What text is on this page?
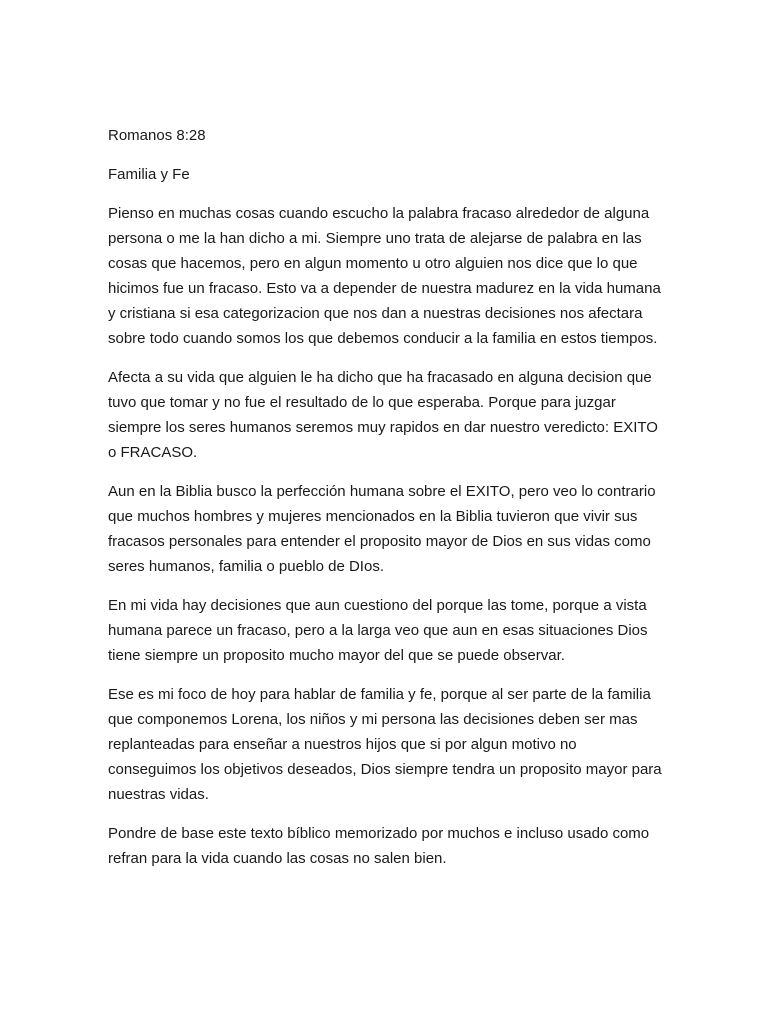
Romanos 8:28

Familia y Fe

Pienso en muchas cosas cuando escucho la palabra fracaso alrededor de alguna persona o me la han dicho a mi. Siempre uno trata de alejarse de palabra en las cosas que hacemos, pero en algun momento u otro alguien nos dice que lo que hicimos fue un fracaso. Esto va a depender de nuestra madurez en la vida humana y cristiana si esa categorizacion que nos dan a nuestras decisiones nos afectara sobre todo cuando somos los que debemos conducir a la familia en estos tiempos.

Afecta a su vida que alguien le ha dicho que ha fracasado en alguna decision que tuvo que tomar y no fue el resultado de lo que esperaba. Porque para juzgar siempre los seres humanos seremos muy rapidos en dar nuestro veredicto: EXITO o FRACASO.

Aun en la Biblia busco la perfección humana sobre el EXITO, pero veo lo contrario que muchos hombres y mujeres mencionados en la Biblia tuvieron que vivir sus fracasos personales para entender el proposito mayor de Dios en sus vidas como seres humanos, familia o pueblo de DIos.

En mi vida hay decisiones que aun cuestiono del porque las tome, porque a vista humana parece un fracaso, pero a la larga veo que aun en esas situaciones Dios tiene siempre un proposito mucho mayor del que se puede observar.

Ese es mi foco de hoy para hablar de familia y fe, porque al ser parte de la familia que componemos Lorena, los niños y mi persona las decisiones deben ser mas replanteadas para enseñar a nuestros hijos que si por algun motivo no conseguimos los objetivos deseados, Dios siempre tendra un proposito mayor para nuestras vidas.

Pondre de base este texto bíblico memorizado por muchos e incluso usado como refran para la vida cuando las cosas no salen bien.
